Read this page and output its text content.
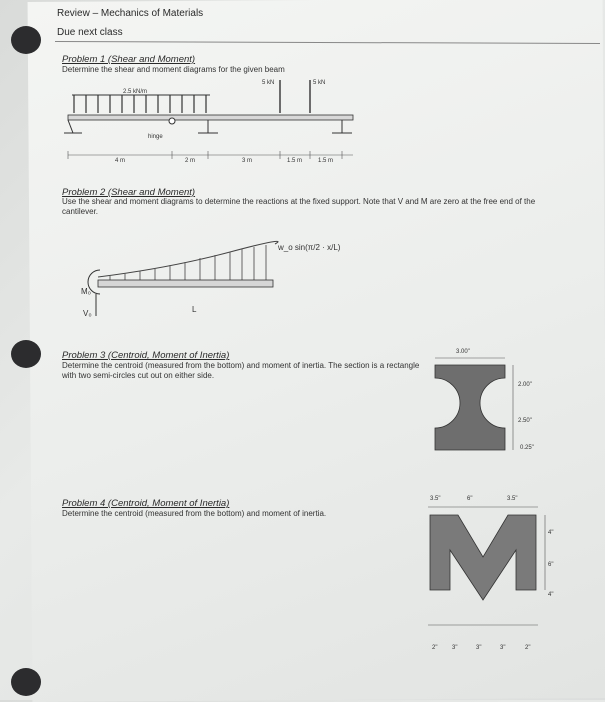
Review – Mechanics of Materials
Due next class
Problem 1 (Shear and Moment)
Determine the shear and moment diagrams for the given beam
2.5 kN/m
5 kN	5 kN
hinge
4 m	2 m	3 m	1.5 m	1.5 m
Problem 2 (Shear and Moment)
Use the shear and moment diagrams to determine the reactions at the fixed support. Note that V and M are zero at the free end of the cantilever.
w_o sin(π/2 · x/L)
M₀
V₀	L
Problem 3 (Centroid, Moment of Inertia)
Determine the centroid (measured from the bottom) and moment of inertia. The section is a rectangle with two semi-circles cut out on either side.
3.00"
2.00"
2.50"
0.25"
Problem 4 (Centroid, Moment of Inertia)
Determine the centroid (measured from the bottom) and moment of inertia.
3.5"	6"	3.5"
4"
6"
4"
2" 3"	3"	3"	2"
